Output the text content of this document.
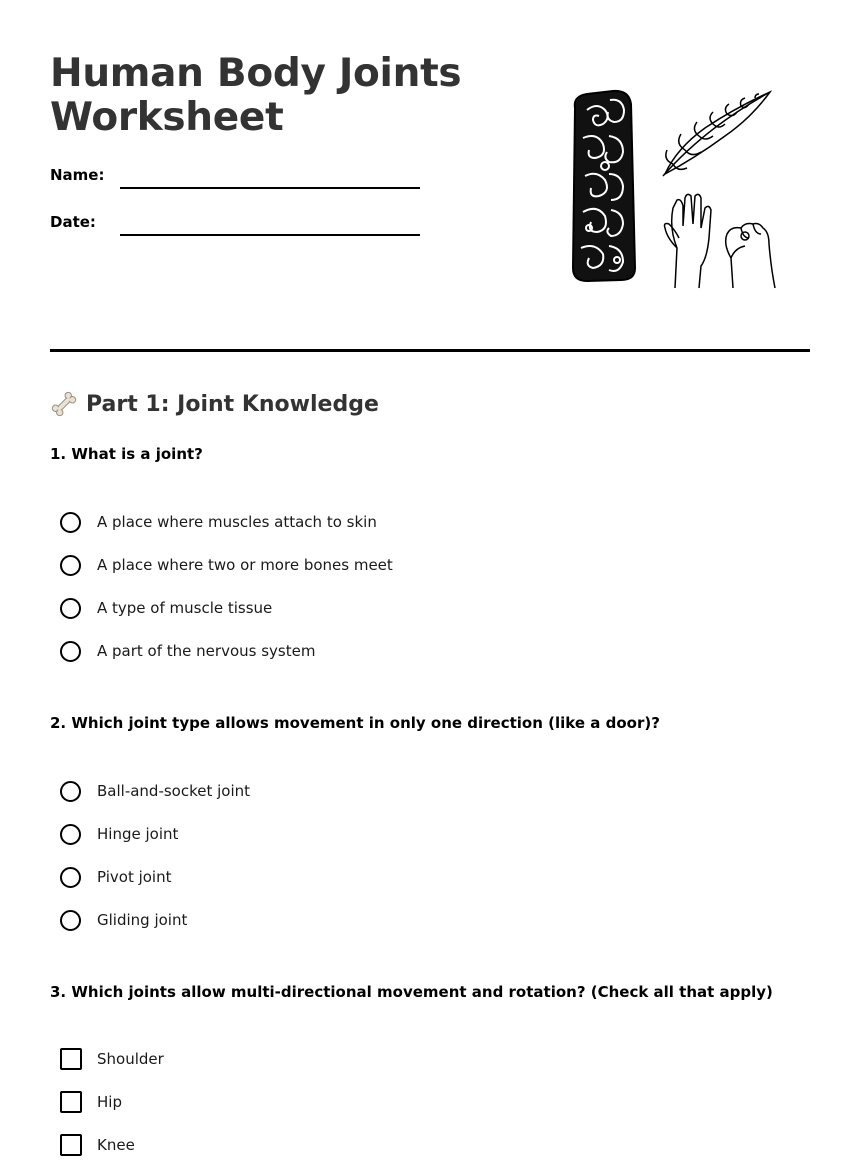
Human Body Joints
Worksheet
Name:
Date:
Part 1: Joint Knowledge

1. What is a joint?

A place where muscles attach to skin
A place where two or more bones meet
A type of muscle tissue
A part of the nervous system

2. Which joint type allows movement in only one direction (like a door)?

Ball-and-socket joint
Hinge joint
Pivot joint
Gliding joint

3. Which joints allow multi-directional movement and rotation? (Check all that apply)

Shoulder
Hip
Knee
